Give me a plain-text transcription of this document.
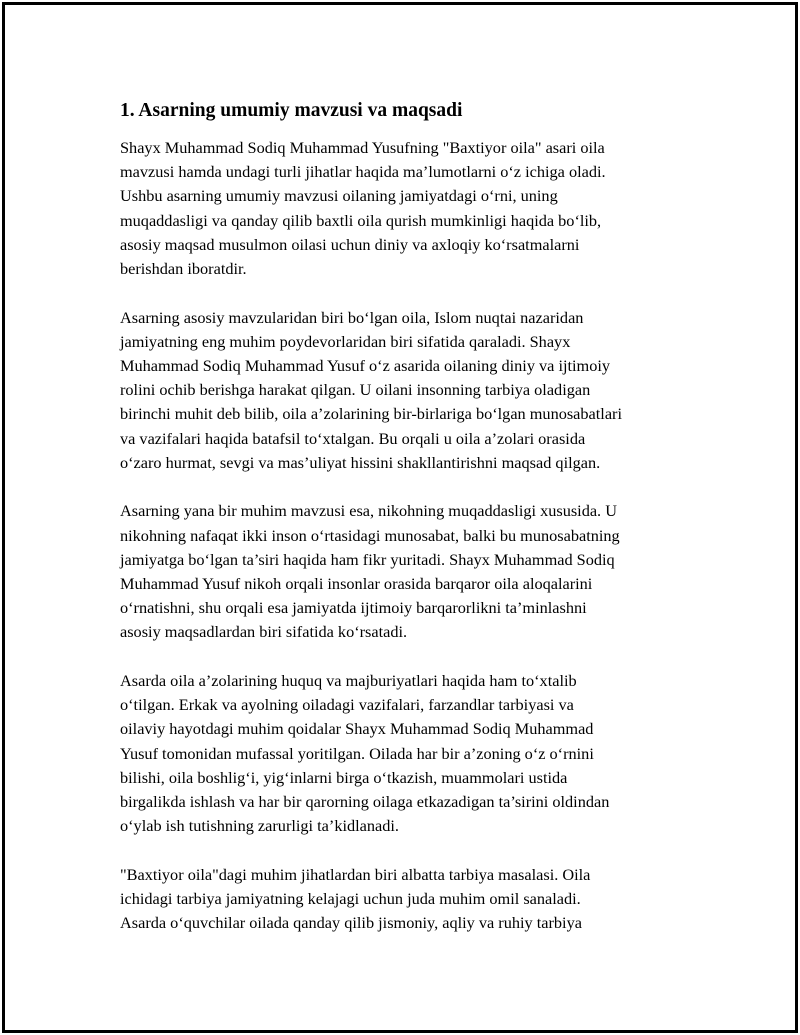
1. Asarning umumiy mavzusi va maqsadi

Shayx Muhammad Sodiq Muhammad Yusufning "Baxtiyor oila" asari oila
mavzusi hamda undagi turli jihatlar haqida ma’lumotlarni o‘z ichiga oladi.
Ushbu asarning umumiy mavzusi oilaning jamiyatdagi o‘rni, uning
muqaddasligi va qanday qilib baxtli oila qurish mumkinligi haqida bo‘lib,
asosiy maqsad musulmon oilasi uchun diniy va axloqiy ko‘rsatmalarni
berishdan iboratdir.

Asarning asosiy mavzularidan biri bo‘lgan oila, Islom nuqtai nazaridan
jamiyatning eng muhim poydevorlaridan biri sifatida qaraladi. Shayx
Muhammad Sodiq Muhammad Yusuf o‘z asarida oilaning diniy va ijtimoiy
rolini ochib berishga harakat qilgan. U oilani insonning tarbiya oladigan
birinchi muhit deb bilib, oila a’zolarining bir-birlariga bo‘lgan munosabatlari
va vazifalari haqida batafsil to‘xtalgan. Bu orqali u oila a’zolari orasida
o‘zaro hurmat, sevgi va mas’uliyat hissini shakllantirishni maqsad qilgan.

Asarning yana bir muhim mavzusi esa, nikohning muqaddasligi xususida. U
nikohning nafaqat ikki inson o‘rtasidagi munosabat, balki bu munosabatning
jamiyatga bo‘lgan ta’siri haqida ham fikr yuritadi. Shayx Muhammad Sodiq
Muhammad Yusuf nikoh orqali insonlar orasida barqaror oila aloqalarini
o‘rnatishni, shu orqali esa jamiyatda ijtimoiy barqarorlikni ta’minlashni
asosiy maqsadlardan biri sifatida ko‘rsatadi.

Asarda oila a’zolarining huquq va majburiyatlari haqida ham to‘xtalib
o‘tilgan. Erkak va ayolning oiladagi vazifalari, farzandlar tarbiyasi va
oilaviy hayotdagi muhim qoidalar Shayx Muhammad Sodiq Muhammad
Yusuf tomonidan mufassal yoritilgan. Oilada har bir a’zoning o‘z o‘rnini
bilishi, oila boshlig‘i, yig‘inlarni birga o‘tkazish, muammolari ustida
birgalikda ishlash va har bir qarorning oilaga etkazadigan ta’sirini oldindan
o‘ylab ish tutishning zarurligi ta’kidlanadi.

"Baxtiyor oila"dagi muhim jihatlardan biri albatta tarbiya masalasi. Oila
ichidagi tarbiya jamiyatning kelajagi uchun juda muhim omil sanaladi.
Asarda o‘quvchilar oilada qanday qilib jismoniy, aqliy va ruhiy tarbiya
